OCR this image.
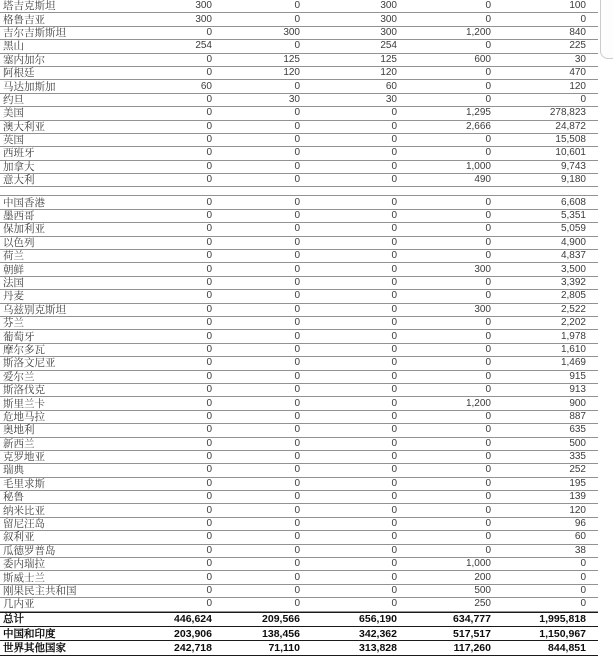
塔吉克斯坦	300	0	300	0	100
格鲁吉亚	300	0	300	0	0
吉尔吉斯斯坦	0	300	300	1,200	840
黑山	254	0	254	0	225
塞内加尔	0	125	125	600	30
阿根廷	0	120	120	0	470
马达加斯加	60	0	60	0	120
约旦	0	30	30	0	0
美国	0	0	0	1,295	278,823
澳大利亚	0	0	0	2,666	24,872
英国	0	0	0	0	15,508
西班牙	0	0	0	0	10,601
加拿大	0	0	0	1,000	9,743
意大利	0	0	0	490	9,180
中国香港	0	0	0	0	6,608
墨西哥	0	0	0	0	5,351
保加利亚	0	0	0	0	5,059
以色列	0	0	0	0	4,900
荷兰	0	0	0	0	4,837
朝鲜	0	0	0	300	3,500
法国	0	0	0	0	3,392
丹麦	0	0	0	0	2,805
乌兹别克斯坦	0	0	0	300	2,522
芬兰	0	0	0	0	2,202
葡萄牙	0	0	0	0	1,978
摩尔多瓦	0	0	0	0	1,610
斯洛文尼亚	0	0	0	0	1,469
爱尔兰	0	0	0	0	915
斯洛伐克	0	0	0	0	913
斯里兰卡	0	0	0	1,200	900
危地马拉	0	0	0	0	887
奥地利	0	0	0	0	635
新西兰	0	0	0	0	500
克罗地亚	0	0	0	0	335
瑞典	0	0	0	0	252
毛里求斯	0	0	0	0	195
秘鲁	0	0	0	0	139
纳米比亚	0	0	0	0	120
留尼汪岛	0	0	0	0	96
叙利亚	0	0	0	0	60
瓜德罗普岛	0	0	0	0	38
委内瑞拉	0	0	0	1,000	0
斯威士兰	0	0	0	200	0
刚果民主共和国	0	0	0	500	0
几内亚	0	0	0	250	0
总计	446,624	209,566	656,190	634,777	1,995,818
中国和印度	203,906	138,456	342,362	517,517	1,150,967
世界其他国家	242,718	71,110	313,828	117,260	844,851
